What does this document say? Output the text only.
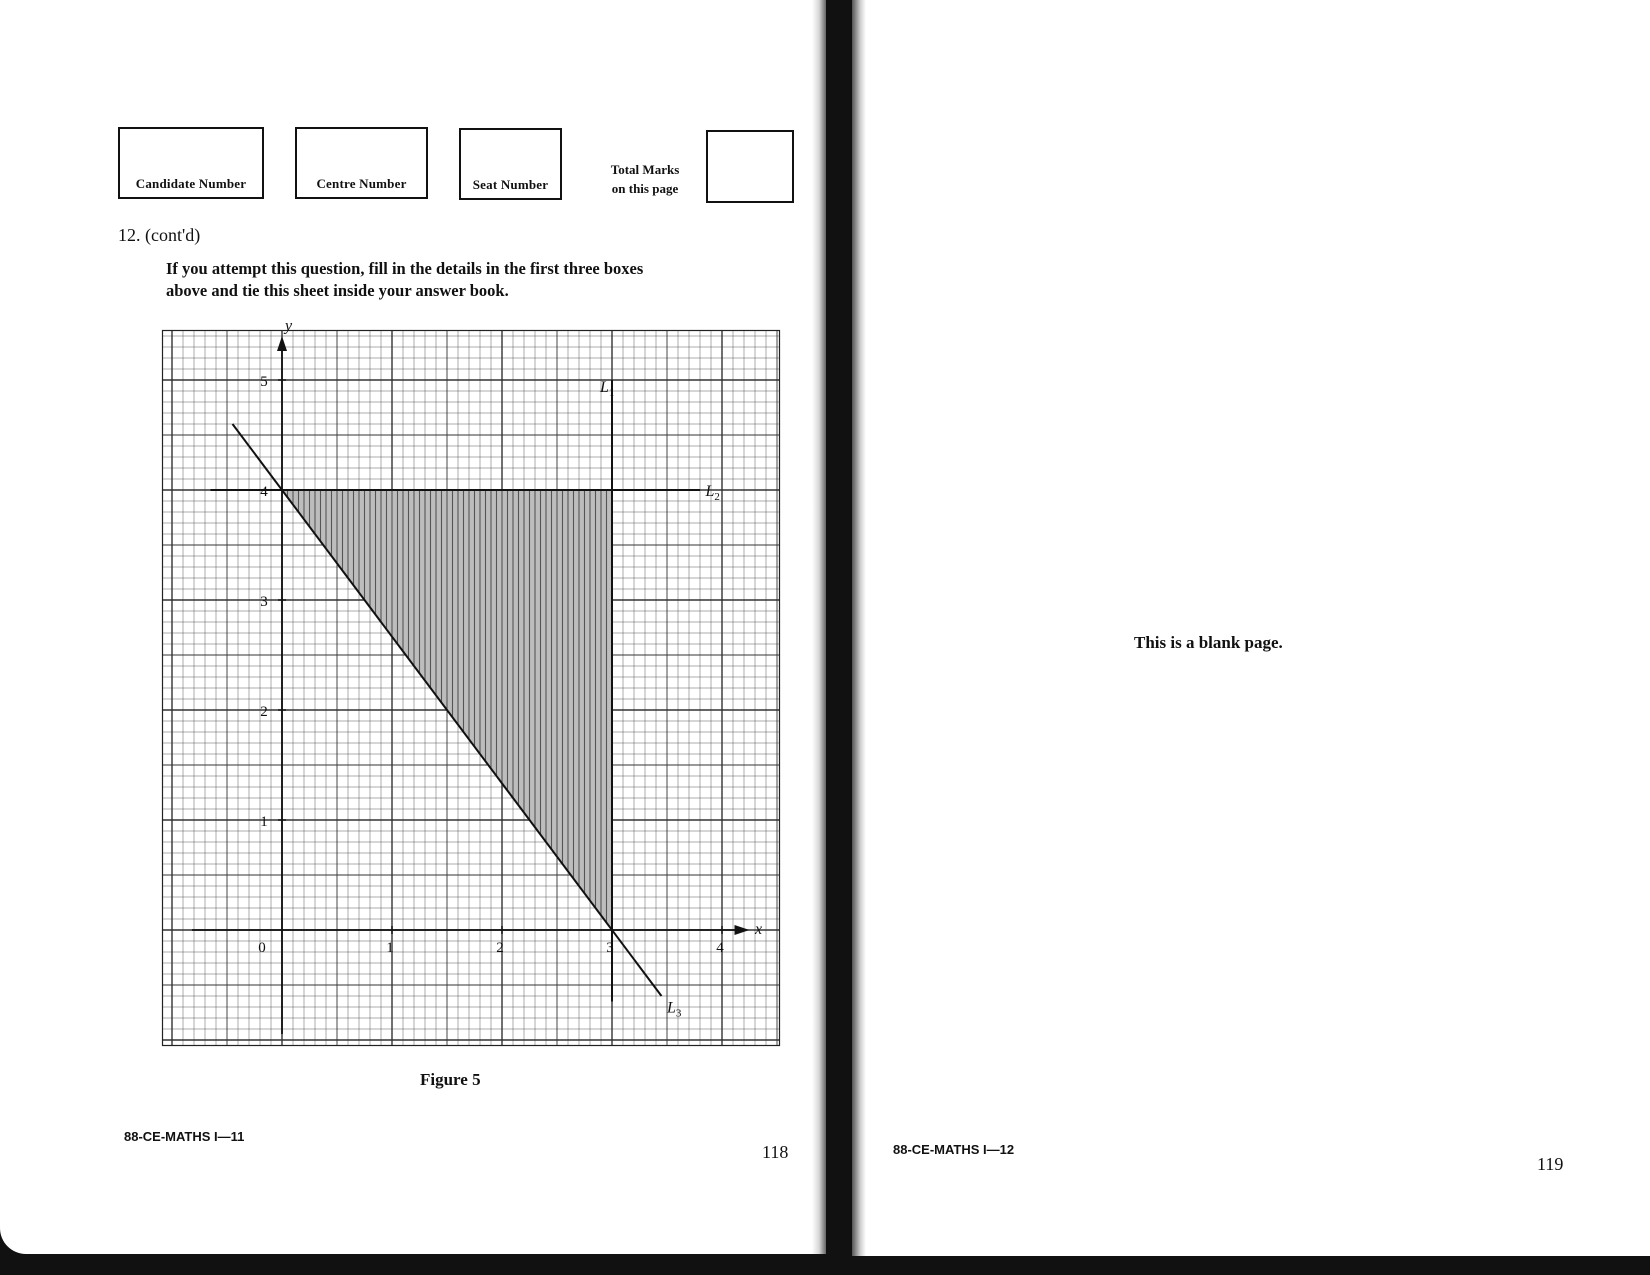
Candidate Number	Centre Number	Seat Number
Total Marks
on this page
12. (cont'd)
If you attempt this question, fill in the details in the first three boxes
above and tie this sheet inside your answer book.
0	1	2	3	4
1
2
3
4
5
x
y
$L_1$
$L_2$
$L_3$
Figure 5
88-CE-MATHS I—11
118
This is a blank page.
88-CE-MATHS I—12
119
